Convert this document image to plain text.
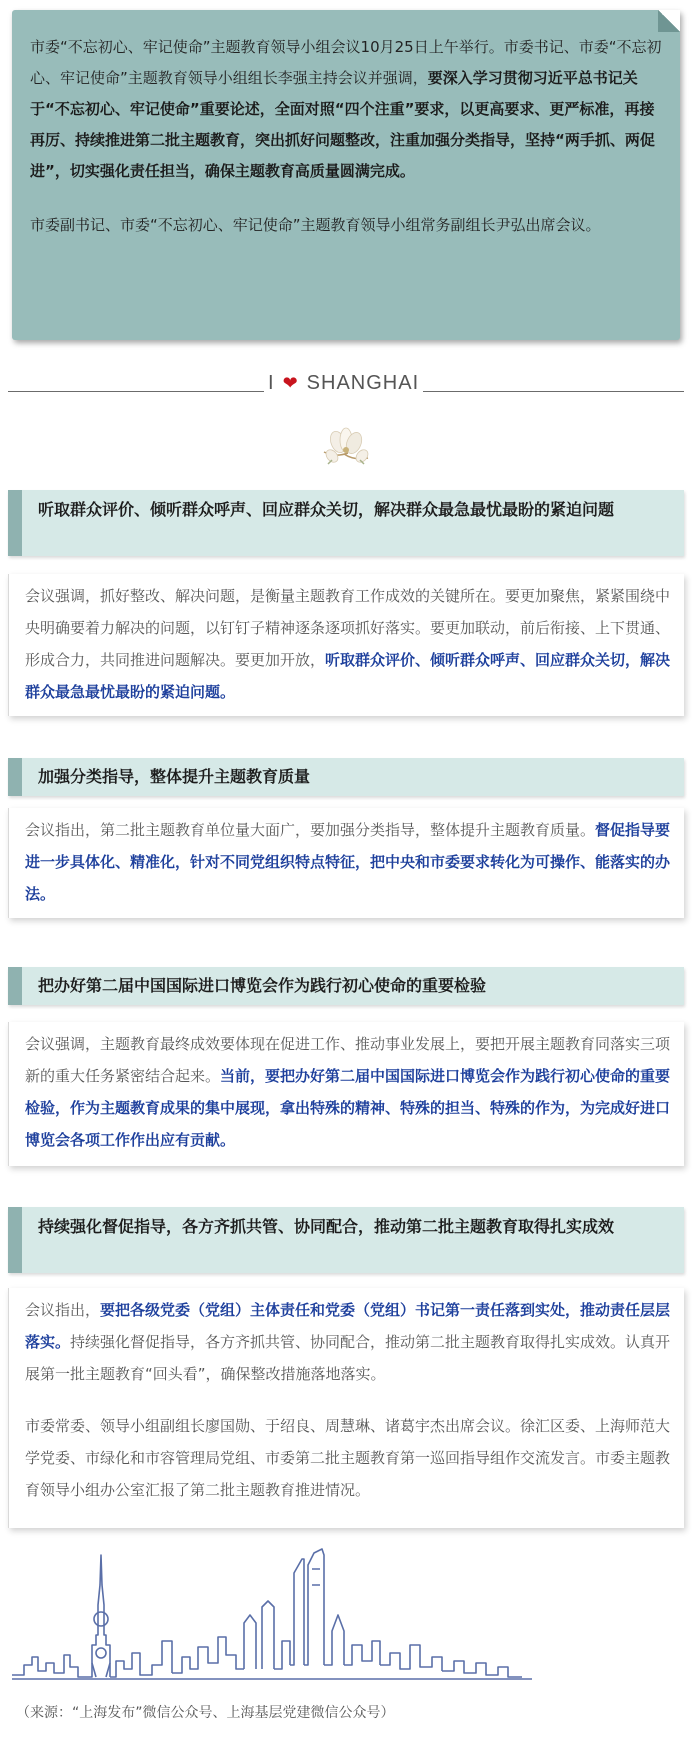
市委“不忘初心、牢记使命”主题教育领导小组会议10月25日上午举行。市委书记、市委“不忘初心、牢记使命”主题教育领导小组组长李强主持会议并强调，要深入学习贯彻习近平总书记关于“不忘初心、牢记使命”重要论述，全面对照“四个注重”要求，以更高要求、更严标准，再接再厉、持续推进第二批主题教育，突出抓好问题整改，注重加强分类指导，坚持“两手抓、两促进”，切实强化责任担当，确保主题教育高质量圆满完成。

市委副书记、市委“不忘初心、牢记使命”主题教育领导小组常务副组长尹弘出席会议。

I ❤ SHANGHAI
听取群众评价、倾听群众呼声、回应群众关切，解决群众最急最忧最盼的紧迫问题

会议强调，抓好整改、解决问题，是衡量主题教育工作成效的关键所在。要更加聚焦，紧紧围绕中央明确要着力解决的问题，以钉钉子精神逐条逐项抓好落实。要更加联动，前后衔接、上下贯通、形成合力，共同推进问题解决。要更加开放，听取群众评价、倾听群众呼声、回应群众关切，解决群众最急最忧最盼的紧迫问题。

加强分类指导，整体提升主题教育质量

会议指出，第二批主题教育单位量大面广，要加强分类指导，整体提升主题教育质量。督促指导要进一步具体化、精准化，针对不同党组织特点特征，把中央和市委要求转化为可操作、能落实的办法。

把办好第二届中国国际进口博览会作为践行初心使命的重要检验

会议强调，主题教育最终成效要体现在促进工作、推动事业发展上，要把开展主题教育同落实三项新的重大任务紧密结合起来。当前，要把办好第二届中国国际进口博览会作为践行初心使命的重要检验，作为主题教育成果的集中展现，拿出特殊的精神、特殊的担当、特殊的作为，为完成好进口博览会各项工作作出应有贡献。

持续强化督促指导，各方齐抓共管、协同配合，推动第二批主题教育取得扎实成效

会议指出，要把各级党委（党组）主体责任和党委（党组）书记第一责任落到实处，推动责任层层落实。持续强化督促指导，各方齐抓共管、协同配合，推动第二批主题教育取得扎实成效。认真开展第一批主题教育“回头看”，确保整改措施落地落实。

市委常委、领导小组副组长廖国勋、于绍良、周慧琳、诸葛宇杰出席会议。徐汇区委、上海师范大学党委、市绿化和市容管理局党组、市委第二批主题教育第一巡回指导组作交流发言。市委主题教育领导小组办公室汇报了第二批主题教育推进情况。

（来源：“上海发布”微信公众号、上海基层党建微信公众号）
